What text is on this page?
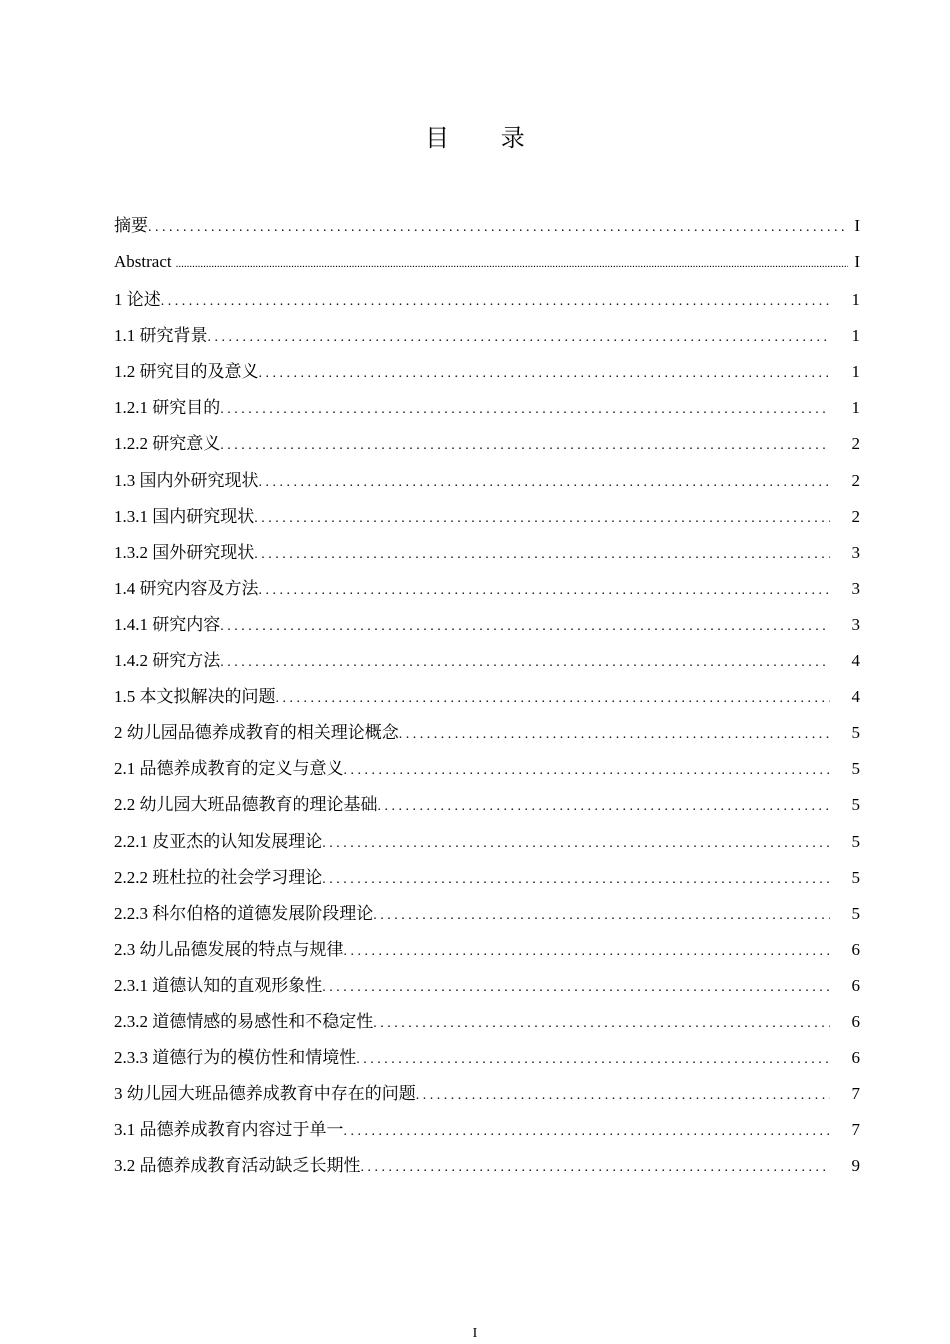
目 录
摘要 . . .	I
Abstract .....	I
1 论述 . . .	1
1.1 研究背景 . . .	1
1.2 研究目的及意义 . . .	1
1.2.1 研究目的 . . .	1
1.2.2 研究意义 . . .	2
1.3 国内外研究现状 . . .	2
1.3.1 国内研究现状 . . .	2
1.3.2 国外研究现状 . . .	3
1.4 研究内容及方法 . . .	3
1.4.1 研究内容 . . .	3
1.4.2 研究方法 . . .	4
1.5 本文拟解决的问题 . . .	4
2 幼儿园品德养成教育的相关理论概念 . . .	5
2.1 品德养成教育的定义与意义 . . .	5
2.2 幼儿园大班品德教育的理论基础 . . .	5
2.2.1 皮亚杰的认知发展理论 . . .	5
2.2.2 班杜拉的社会学习理论 . . .	5
2.2.3 科尔伯格的道德发展阶段理论 . . .	5
2.3 幼儿品德发展的特点与规律 . . .	6
2.3.1 道德认知的直观形象性 . . .	6
2.3.2 道德情感的易感性和不稳定性 . . .	6
2.3.3 道德行为的模仿性和情境性 . . .	6
3 幼儿园大班品德养成教育中存在的问题 . . .	7
3.1 品德养成教育内容过于单一 . . .	7
3.2 品德养成教育活动缺乏长期性 . . .	9
I
